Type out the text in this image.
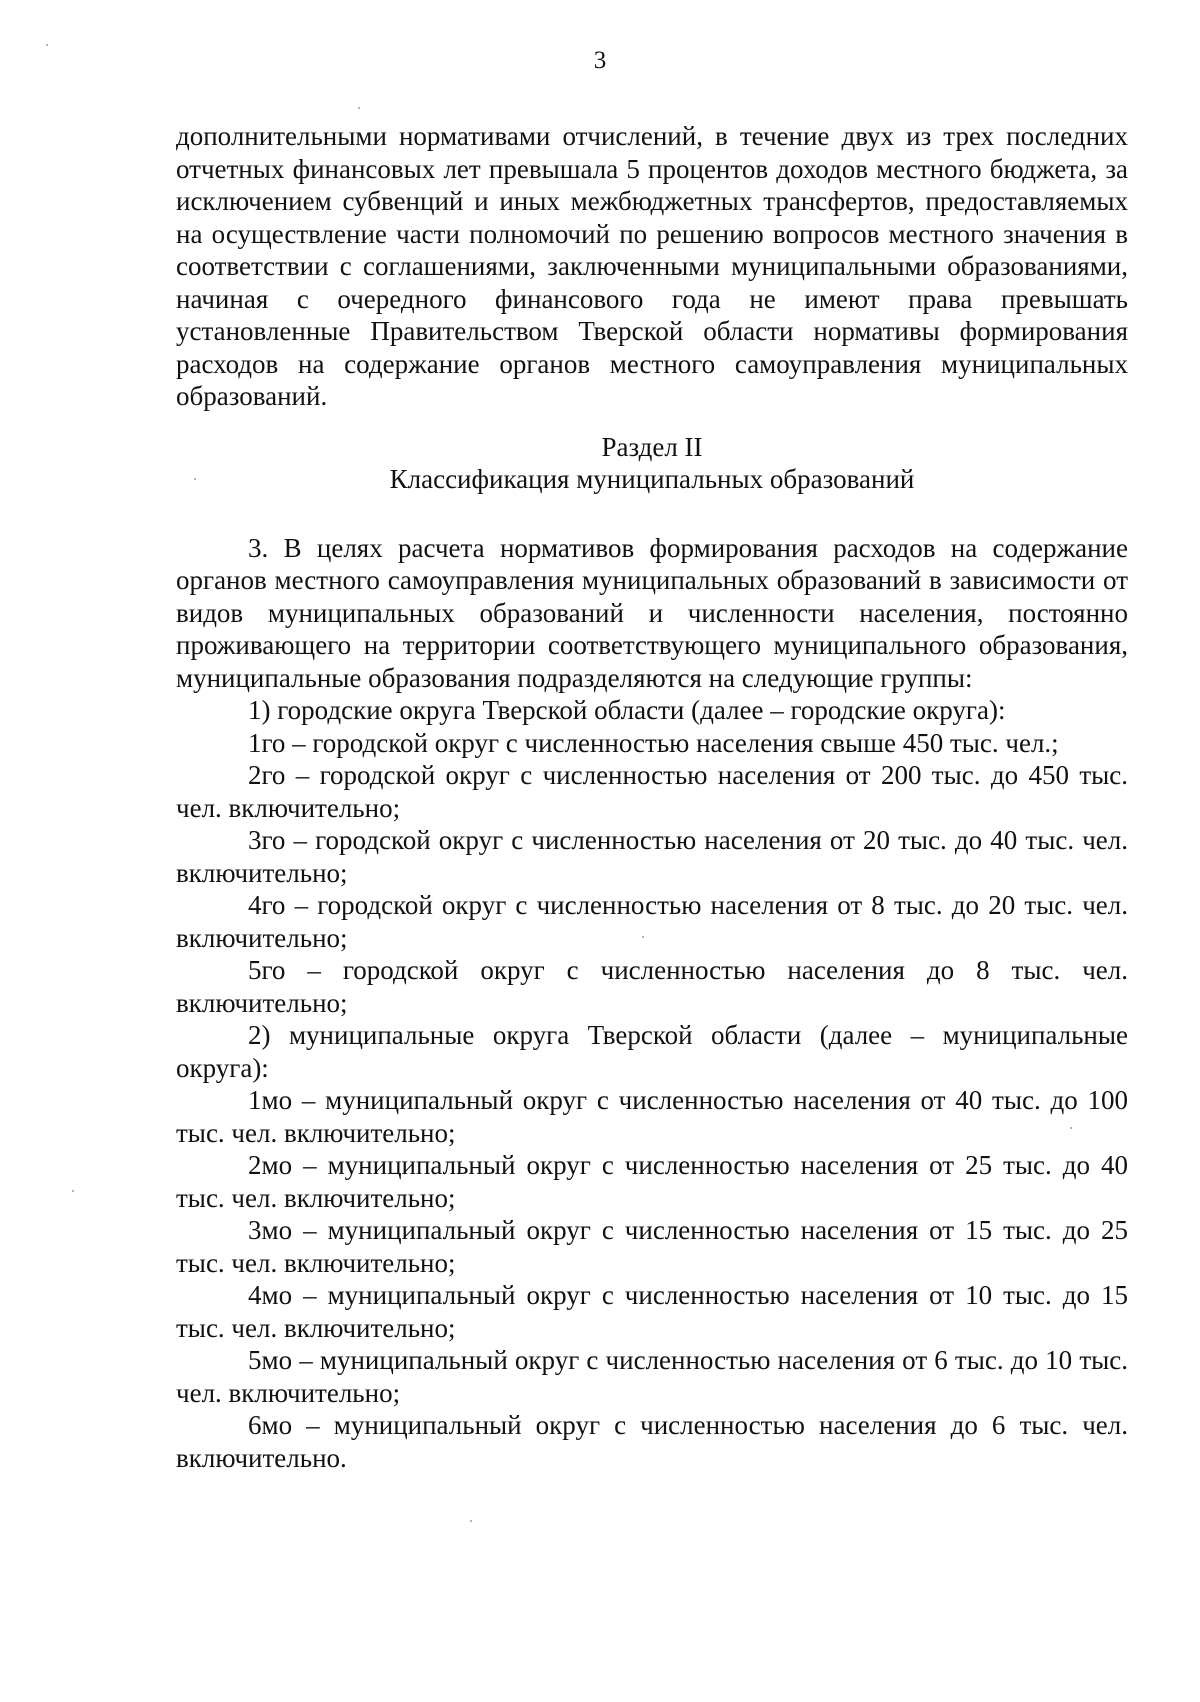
3

дополнительными нормативами отчислений, в течение двух из трех последних отчетных финансовых лет превышала 5 процентов доходов местного бюджета, за исключением субвенций и иных межбюджетных трансфертов, предоставляемых на осуществление части полномочий по решению вопросов местного значения в соответствии с соглашениями, заключенными муниципальными образованиями, начиная с очередного финансового года не имеют права превышать установленные Правительством Тверской области нормативы формирования расходов на содержание органов местного самоуправления муниципальных образований.

Раздел II
Классификация муниципальных образований

3. В целях расчета нормативов формирования расходов на содержание органов местного самоуправления муниципальных образований в зависимости от видов муниципальных образований и численности населения, постоянно проживающего на территории соответствующего муниципального образования, муниципальные образования подразделяются на следующие группы:

1) городские округа Тверской области (далее – городские округа):

1го – городской округ с численностью населения свыше 450 тыс. чел.;

2го – городской округ с численностью населения от 200 тыс. до 450 тыс. чел. включительно;

3го – городской округ с численностью населения от 20 тыс. до 40 тыс. чел. включительно;

4го – городской округ с численностью населения от 8 тыс. до 20 тыс. чел. включительно;

5го – городской округ с численностью населения до 8 тыс. чел. включительно;

2) муниципальные округа Тверской области (далее – муниципальные округа):

1мо – муниципальный округ с численностью населения от 40 тыс. до 100 тыс. чел. включительно;

2мо – муниципальный округ с численностью населения от 25 тыс. до 40 тыс. чел. включительно;

3мо – муниципальный округ с численностью населения от 15 тыс. до 25 тыс. чел. включительно;

4мо – муниципальный округ с численностью населения от 10 тыс. до 15 тыс. чел. включительно;

5мо – муниципальный округ с численностью населения от 6 тыс. до 10 тыс. чел. включительно;

6мо – муниципальный округ с численностью населения до 6 тыс. чел. включительно.
